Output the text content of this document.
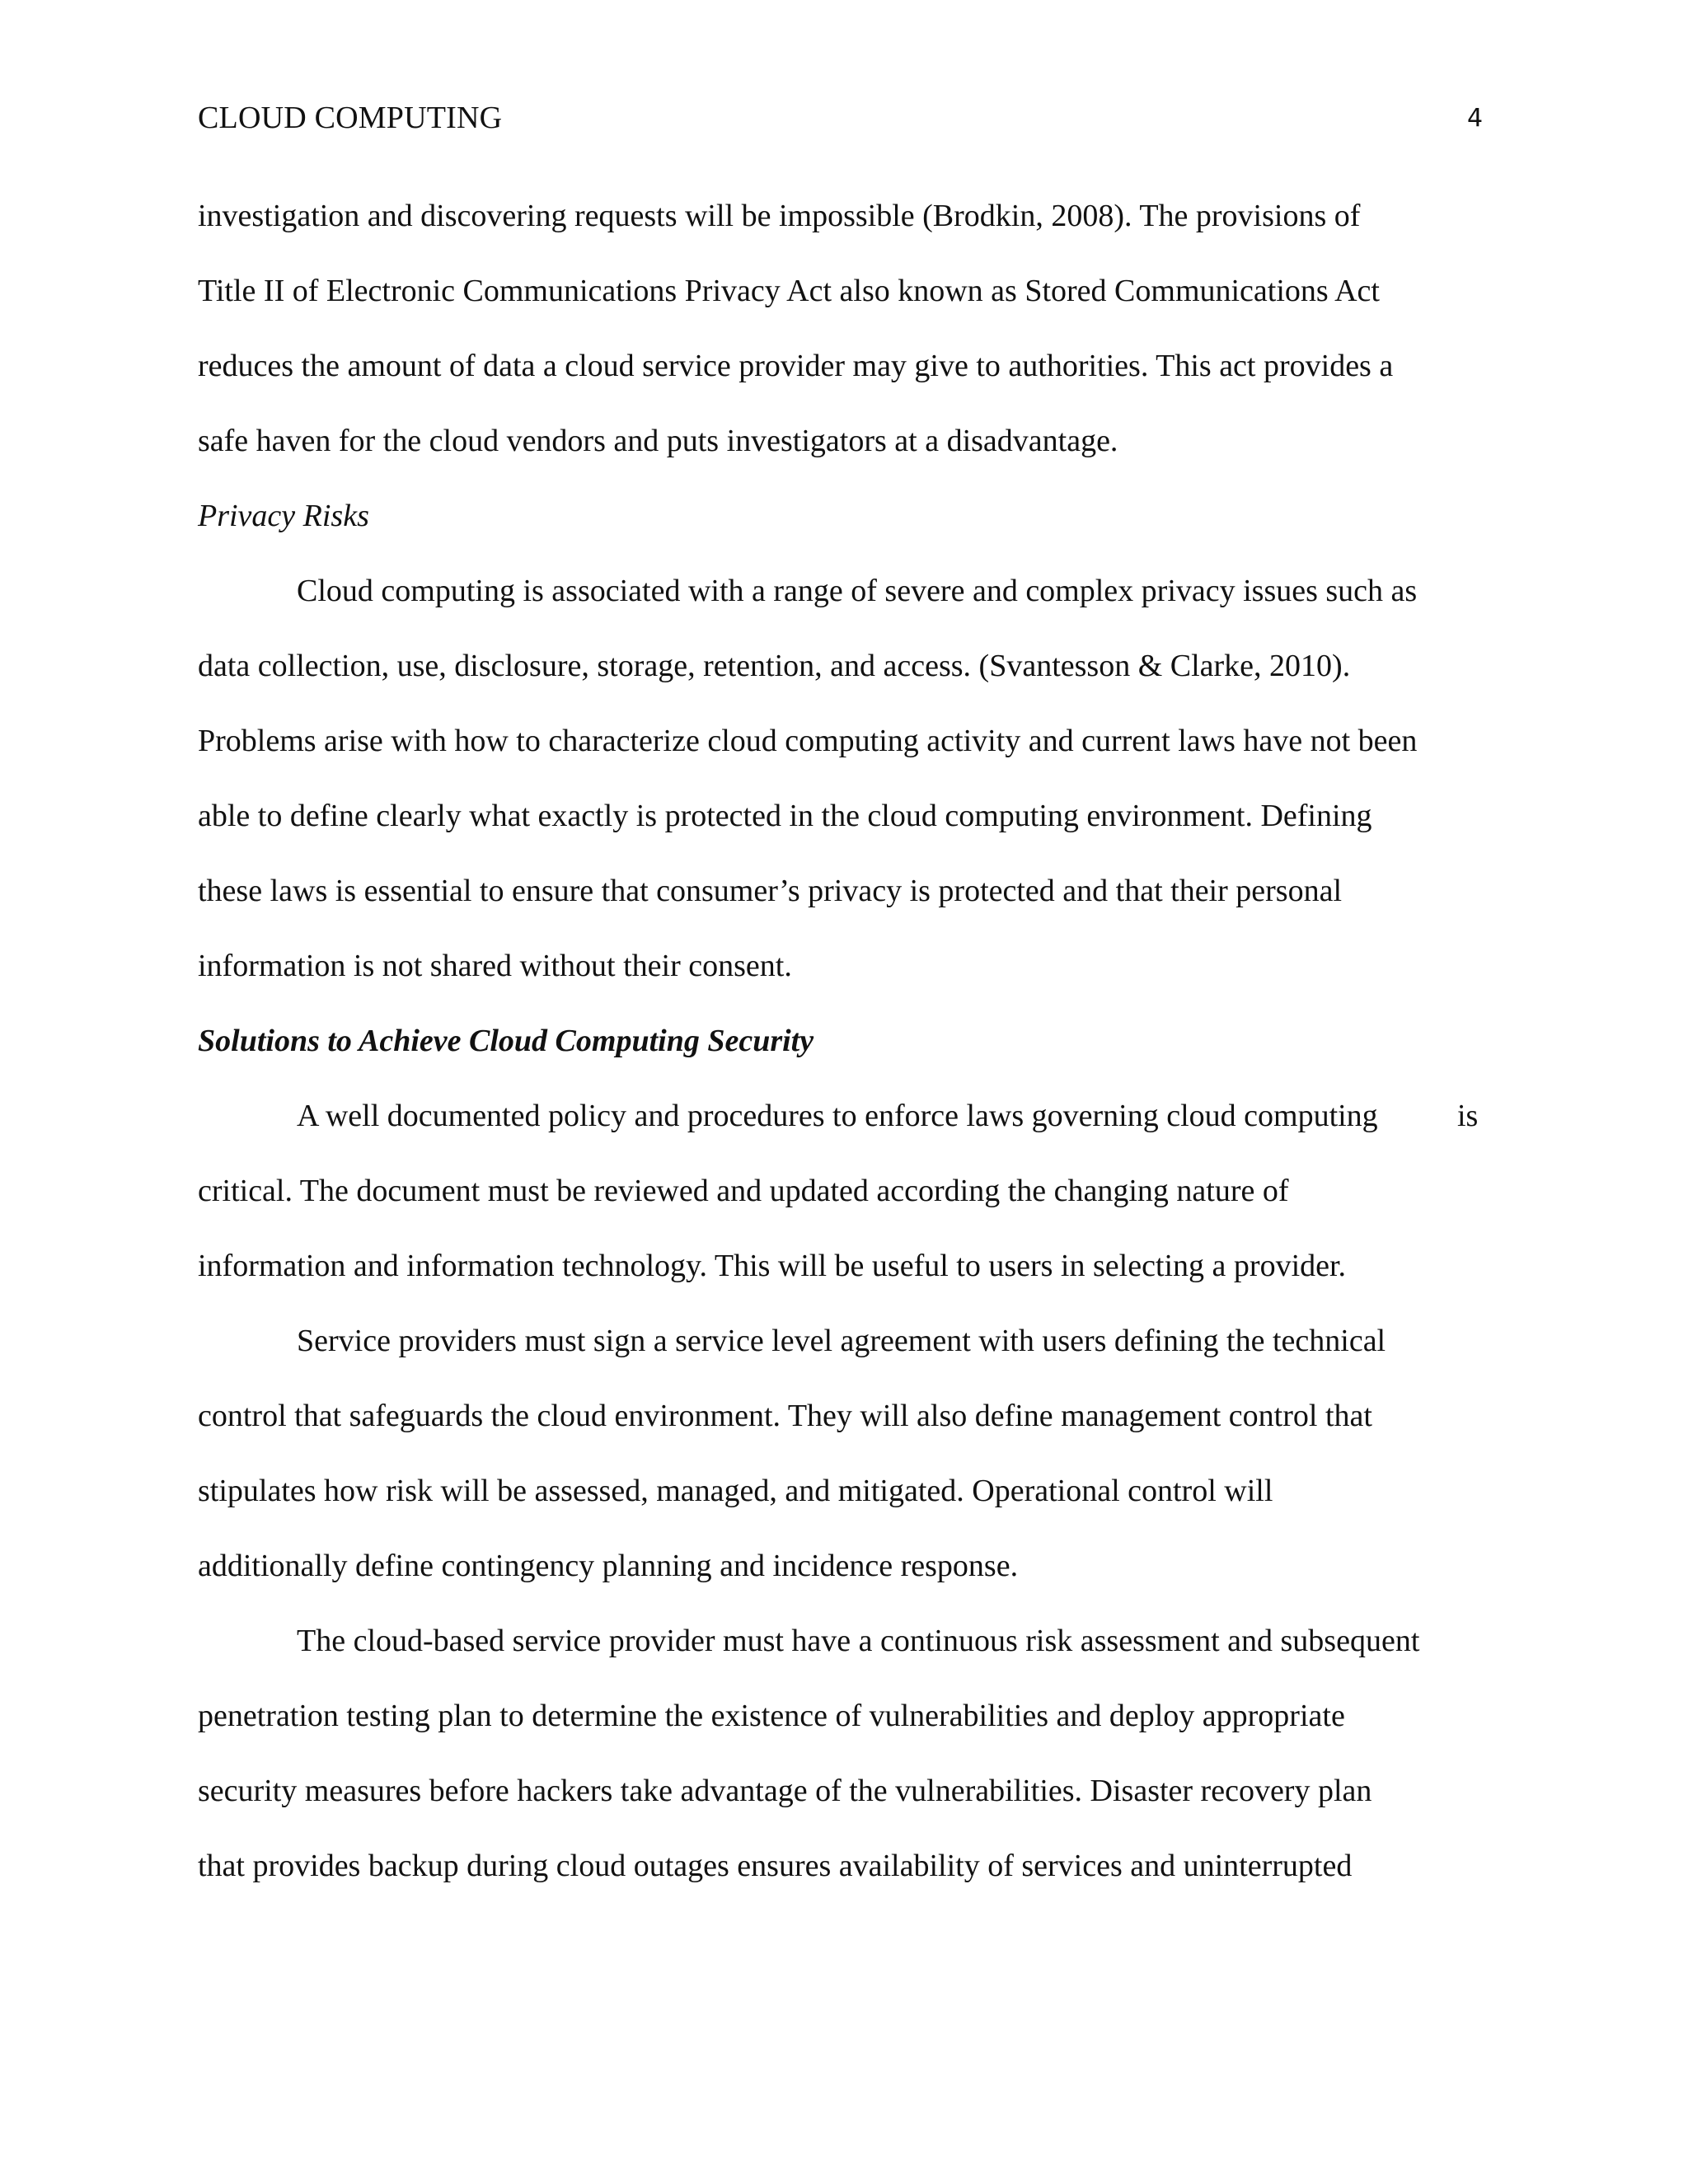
CLOUD COMPUTING	4
investigation and discovering requests will be impossible (Brodkin, 2008). The provisions of
Title II of Electronic Communications Privacy Act also known as Stored Communications Act
reduces the amount of data a cloud service provider may give to authorities. This act provides a
safe haven for the cloud vendors and puts investigators at a disadvantage.
Privacy Risks
Cloud computing is associated with a range of severe and complex privacy issues such as
data collection, use, disclosure, storage, retention, and access. (Svantesson & Clarke, 2010).
Problems arise with how to characterize cloud computing activity and current laws have not been
able to define clearly what exactly is protected in the cloud computing environment. Defining
these laws is essential to ensure that consumer’s privacy is protected and that their personal
information is not shared without their consent.
Solutions to Achieve Cloud Computing Security
A well documented policy and procedures to enforce laws governing cloud computing	is
critical. The document must be reviewed and updated according the changing nature of
information and information technology. This will be useful to users in selecting a provider.
Service providers must sign a service level agreement with users defining the technical
control that safeguards the cloud environment. They will also define management control that
stipulates how risk will be assessed, managed, and mitigated. Operational control will
additionally define contingency planning and incidence response.
The cloud-based service provider must have a continuous risk assessment and subsequent
penetration testing plan to determine the existence of vulnerabilities and deploy appropriate
security measures before hackers take advantage of the vulnerabilities. Disaster recovery plan
that provides backup during cloud outages ensures availability of services and uninterrupted
